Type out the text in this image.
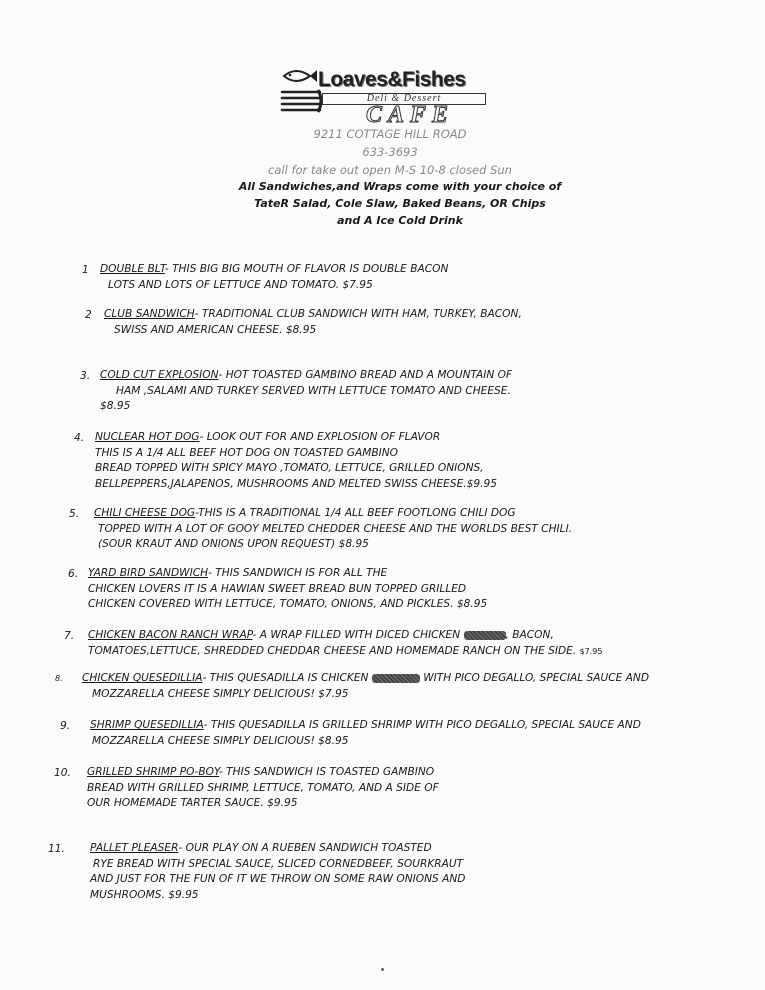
Loaves&Fishes
Deli & Dessert
CAFE
9211 COTTAGE HILL ROAD
633-3693
call for take out open M-S 10-8 closed Sun
All Sandwiches,and Wraps come with your choice of
TateR Salad, Cole Slaw, Baked Beans, OR Chips
and A Ice Cold Drink
1 DOUBLE BLT- THIS BIG BIG MOUTH OF FLAVOR IS DOUBLE BACON
LOTS AND LOTS OF LETTUCE AND TOMATO. $7.95
2 CLUB SANDWICH- TRADITIONAL CLUB SANDWICH WITH HAM, TURKEY, BACON,
SWISS AND AMERICAN CHEESE. $8.95
3. COLD CUT EXPLOSION- HOT TOASTED GAMBINO BREAD AND A MOUNTAIN OF
HAM ,SALAMI AND TURKEY SERVED WITH LETTUCE TOMATO AND CHEESE.
$8.95
4. NUCLEAR HOT DOG- LOOK OUT FOR AND EXPLOSION OF FLAVOR
THIS IS A 1/4 ALL BEEF HOT DOG ON TOASTED GAMBINO
BREAD TOPPED WITH SPICY MAYO ,TOMATO, LETTUCE, GRILLED ONIONS,
BELLPEPPERS,JALAPENOS, MUSHROOMS AND MELTED SWISS CHEESE.$9.95
5. CHILI CHEESE DOG-THIS IS A TRADITIONAL 1/4 ALL BEEF FOOTLONG CHILI DOG
TOPPED WITH A LOT OF GOOY MELTED CHEDDER CHEESE AND THE WORLDS BEST CHILI.
(SOUR KRAUT AND ONIONS UPON REQUEST) $8.95
6. YARD BIRD SANDWICH- THIS SANDWICH IS FOR ALL THE
CHICKEN LOVERS IT IS A HAWIAN SWEET BREAD BUN TOPPED GRILLED
CHICKEN COVERED WITH LETTUCE, TOMATO, ONIONS, AND PICKLES. $8.95
7. CHICKEN BACON RANCH WRAP- A WRAP FILLED WITH DICED CHICKEN	, BACON,
TOMATOES,LETTUCE, SHREDDED CHEDDAR CHEESE AND HOMEMADE RANCH ON THE SIDE. $7.95
8. CHICKEN QUESEDILLIA- THIS QUESADILLA IS CHICKEN	WITH PICO DEGALLO, SPECIAL SAUCE AND
MOZZARELLA CHEESE SIMPLY DELICIOUS! $7.95
9. SHRIMP QUESEDILLIA- THIS QUESADILLA IS GRILLED SHRIMP WITH PICO DEGALLO, SPECIAL SAUCE AND
MOZZARELLA CHEESE SIMPLY DELICIOUS! $8.95
10. GRILLED SHRIMP PO-BOY- THIS SANDWICH IS TOASTED GAMBINO
BREAD WITH GRILLED SHRIMP, LETTUCE, TOMATO, AND A SIDE OF
OUR HOMEMADE TARTER SAUCE. $9.95
11. PALLET PLEASER- OUR PLAY ON A RUEBEN SANDWICH TOASTED
RYE BREAD WITH SPECIAL SAUCE, SLICED CORNEDBEEF, SOURKRAUT
AND JUST FOR THE FUN OF IT WE THROW ON SOME RAW ONIONS AND
MUSHROOMS. $9.95
